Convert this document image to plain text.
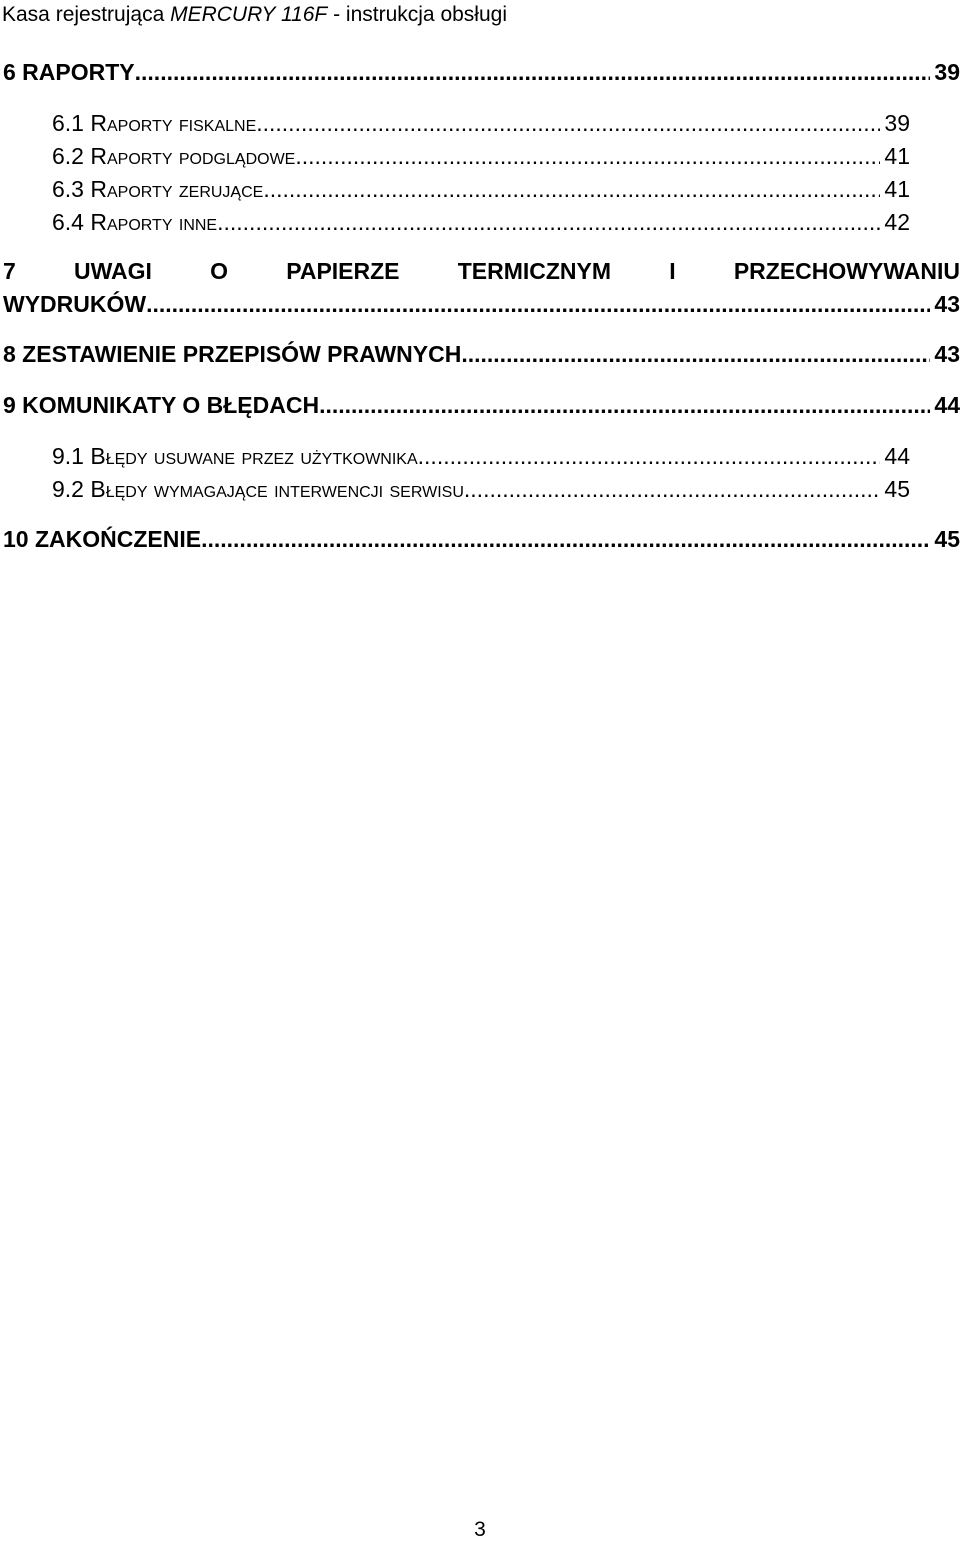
Kasa rejestrująca MERCURY 116F - instrukcja obsługi
6 RAPORTY .....	39
6.1 Raporty fiskalne .....	39
6.2 Raporty podglądowe .....	41
6.3 Raporty zerujące .....	41
6.4 Raporty inne .....	42
7	UWAGI	O	PAPIERZE	TERMICZNYM	I	PRZECHOWYWANIU
WYDRUKÓW .....	43
8 ZESTAWIENIE PRZEPISÓW PRAWNYCH .....	43
9 KOMUNIKATY O BŁĘDACH .....	44
9.1 Błędy usuwane przez użytkownika .....	44
9.2 Błędy wymagające interwencji serwisu .....	45
10 ZAKOŃCZENIE .....	45
3
